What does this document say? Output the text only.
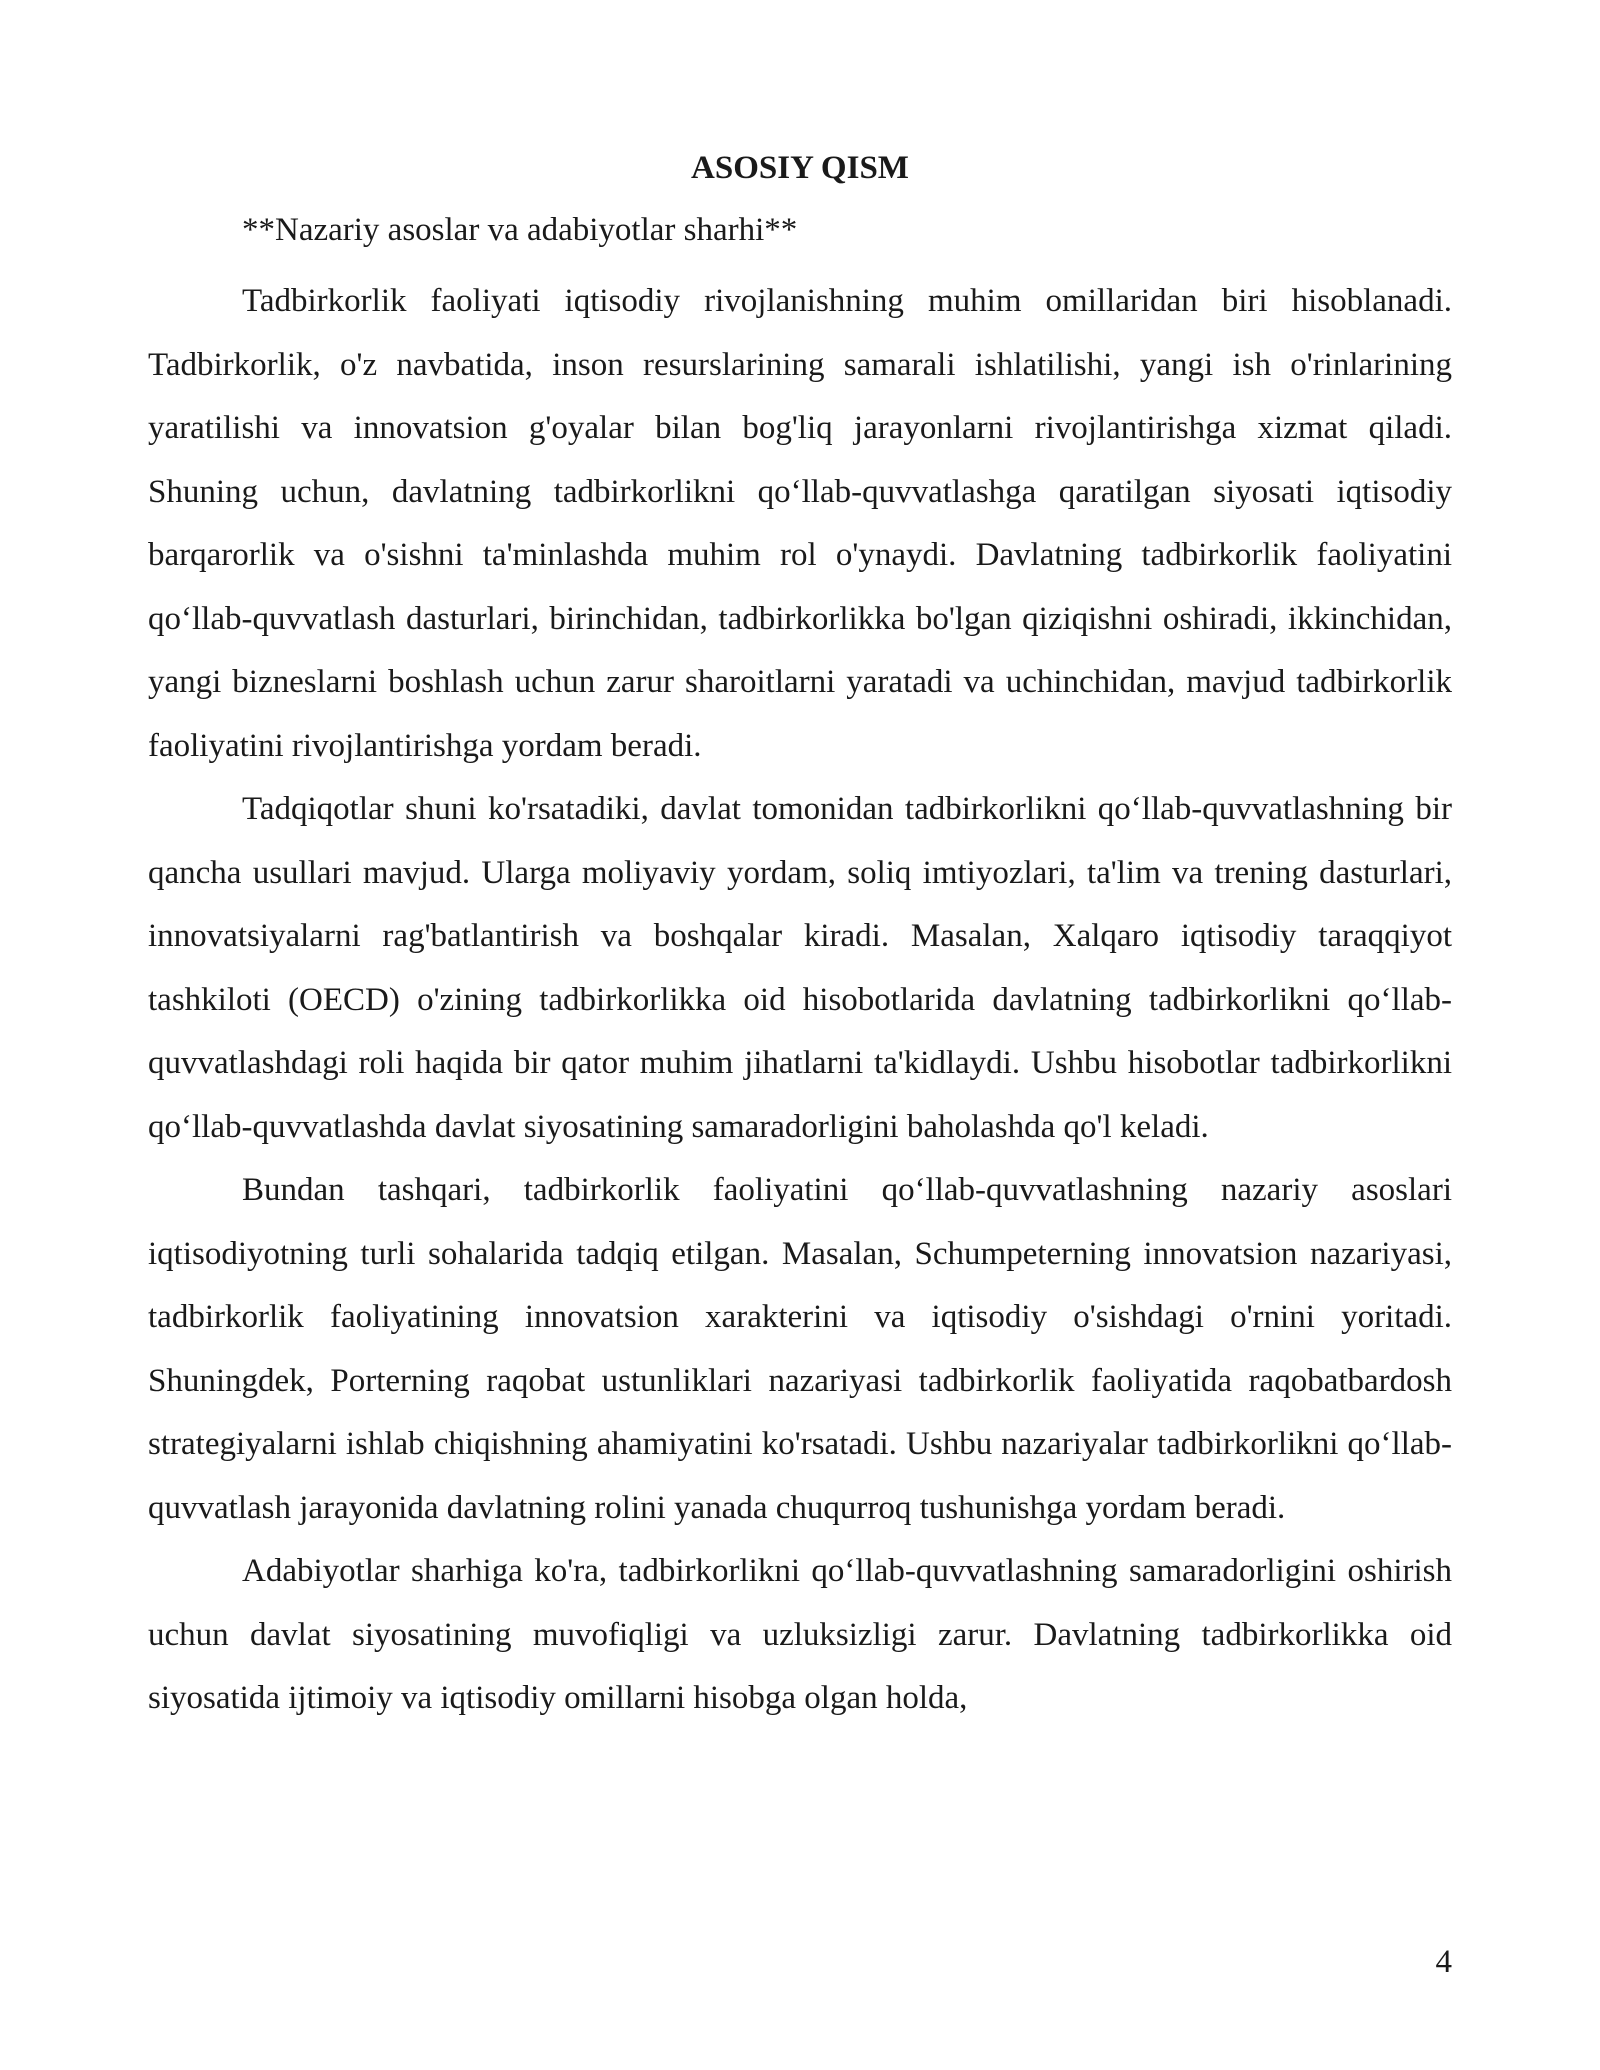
ASOSIY QISM
**Nazariy asoslar va adabiyotlar sharhi**

Tadbirkorlik faoliyati iqtisodiy rivojlanishning muhim omillaridan biri hisoblanadi. Tadbirkorlik, o'z navbatida, inson resurslarining samarali ishlatilishi, yangi ish o'rinlarining yaratilishi va innovatsion g'oyalar bilan bog'liq jarayonlarni rivojlantirishga xizmat qiladi. Shuning uchun, davlatning tadbirkorlikni qo‘llab-quvvatlashga qaratilgan siyosati iqtisodiy barqarorlik va o'sishni ta'minlashda muhim rol o'ynaydi. Davlatning tadbirkorlik faoliyatini qo‘llab-quvvatlash dasturlari, birinchidan, tadbirkorlikka bo'lgan qiziqishni oshiradi, ikkinchidan, yangi bizneslarni boshlash uchun zarur sharoitlarni yaratadi va uchinchidan, mavjud tadbirkorlik faoliyatini rivojlantirishga yordam beradi.

Tadqiqotlar shuni ko'rsatadiki, davlat tomonidan tadbirkorlikni qo‘llab-quvvatlashning bir qancha usullari mavjud. Ularga moliyaviy yordam, soliq imtiyozlari, ta'lim va trening dasturlari, innovatsiyalarni rag'batlantirish va boshqalar kiradi. Masalan, Xalqaro iqtisodiy taraqqiyot tashkiloti (OECD) o'zining tadbirkorlikka oid hisobotlarida davlatning tadbirkorlikni qo‘llab-quvvatlashdagi roli haqida bir qator muhim jihatlarni ta'kidlaydi. Ushbu hisobotlar tadbirkorlikni qo‘llab-quvvatlashda davlat siyosatining samaradorligini baholashda qo'l keladi.

Bundan tashqari, tadbirkorlik faoliyatini qo‘llab-quvvatlashning nazariy asoslari iqtisodiyotning turli sohalarida tadqiq etilgan. Masalan, Schumpeterning innovatsion nazariyasi, tadbirkorlik faoliyatining innovatsion xarakterini va iqtisodiy o'sishdagi o'rnini yoritadi. Shuningdek, Porterning raqobat ustunliklari nazariyasi tadbirkorlik faoliyatida raqobatbardosh strategiyalarni ishlab chiqishning ahamiyatini ko'rsatadi. Ushbu nazariyalar tadbirkorlikni qo‘llab-quvvatlash jarayonida davlatning rolini yanada chuqurroq tushunishga yordam beradi.

Adabiyotlar sharhiga ko'ra, tadbirkorlikni qo‘llab-quvvatlashning samaradorligini oshirish uchun davlat siyosatining muvofiqligi va uzluksizligi zarur. Davlatning tadbirkorlikka oid siyosatida ijtimoiy va iqtisodiy omillarni hisobga olgan holda,

4
